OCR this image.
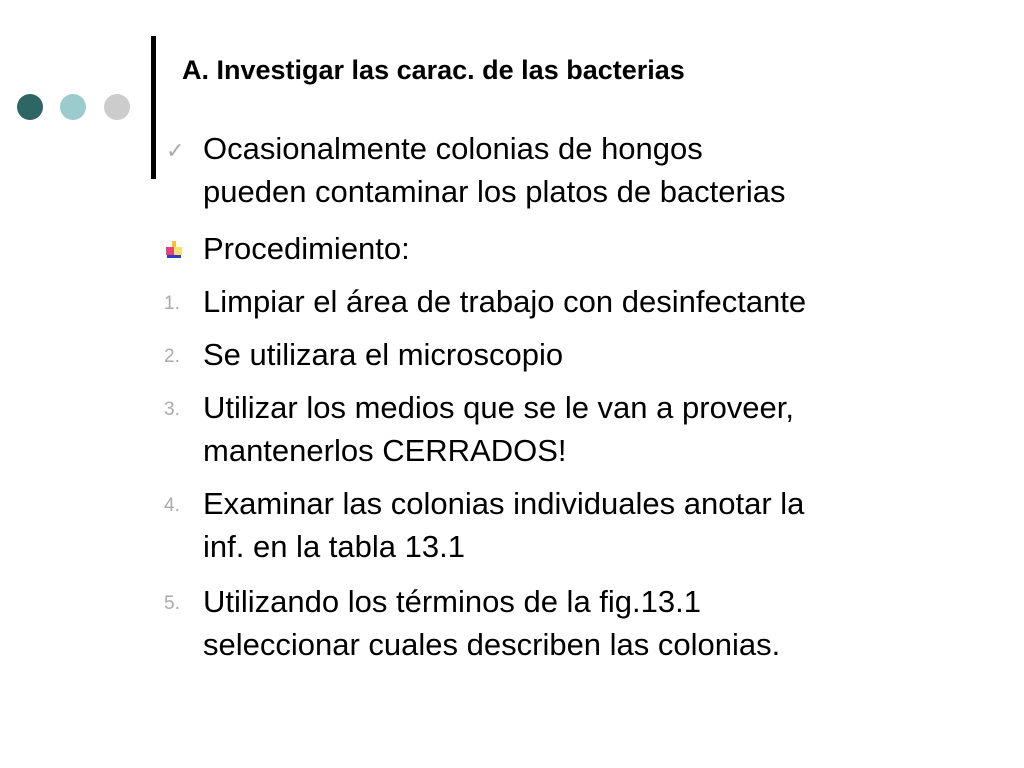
A. Investigar las carac. de las bacterias
✓ Ocasionalmente colonias de hongos
pueden contaminar los platos de bacterias
Procedimiento:
1. Limpiar el área de trabajo con desinfectante
2. Se utilizara el microscopio
3. Utilizar los medios que se le van a proveer,
mantenerlos CERRADOS!
4. Examinar las colonias individuales anotar la
inf. en la tabla 13.1
5. Utilizando los términos de la fig.13.1
seleccionar cuales describen las colonias.
